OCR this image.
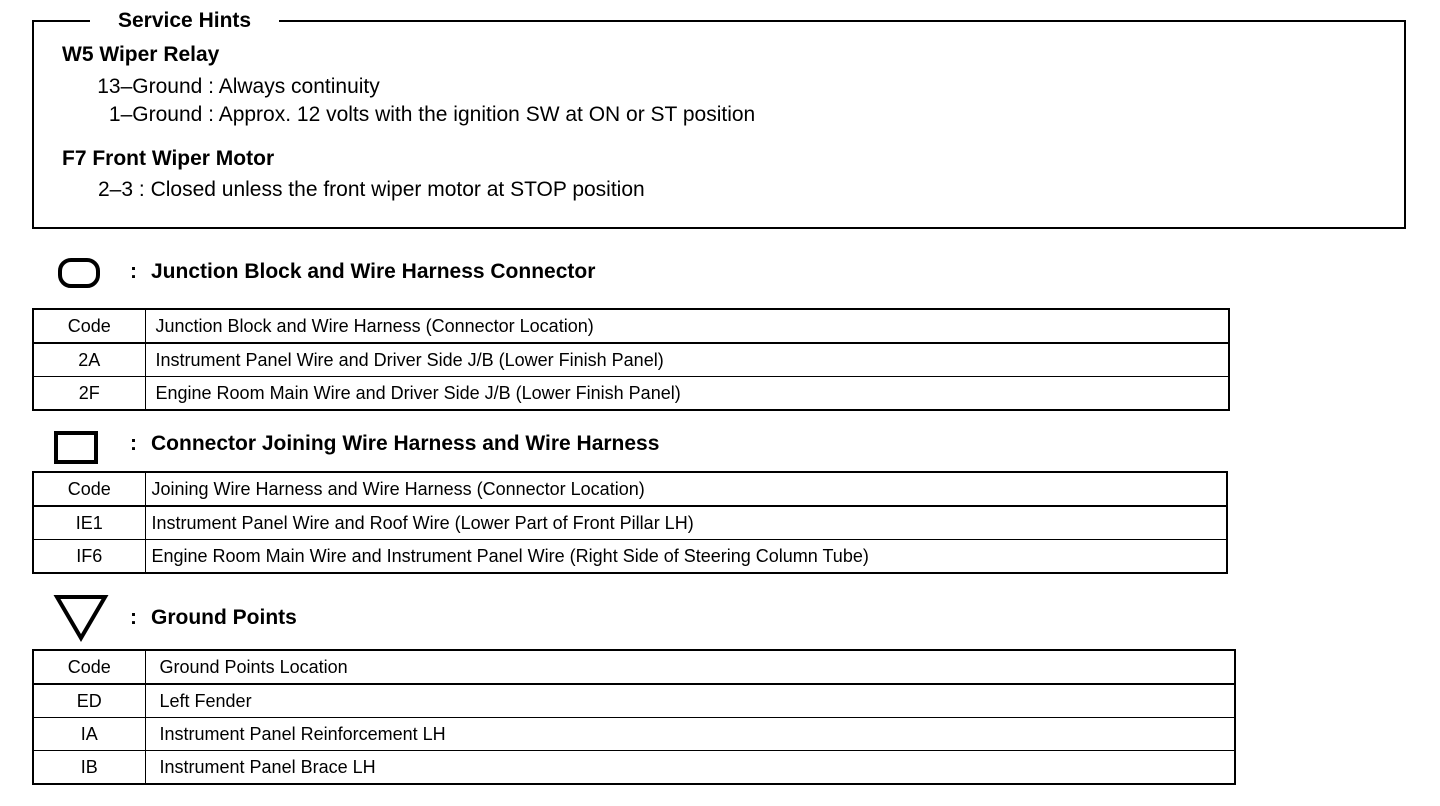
Service Hints
W5 Wiper Relay
13–Ground : Always continuity
1–Ground : Approx. 12 volts with the ignition SW at ON or ST position
F7 Front Wiper Motor
2–3 : Closed unless the front wiper motor at STOP position
: Junction Block and Wire Harness Connector
Code	Junction Block and Wire Harness (Connector Location)
2A	Instrument Panel Wire and Driver Side J/B (Lower Finish Panel)
2F	Engine Room Main Wire and Driver Side J/B (Lower Finish Panel)
: Connector Joining Wire Harness and Wire Harness
Code	Joining Wire Harness and Wire Harness (Connector Location)
IE1	Instrument Panel Wire and Roof Wire (Lower Part of Front Pillar LH)
IF6	Engine Room Main Wire and Instrument Panel Wire (Right Side of Steering Column Tube)
: Ground Points
Code	Ground Points Location
ED	Left Fender
IA	Instrument Panel Reinforcement LH
IB	Instrument Panel Brace LH
